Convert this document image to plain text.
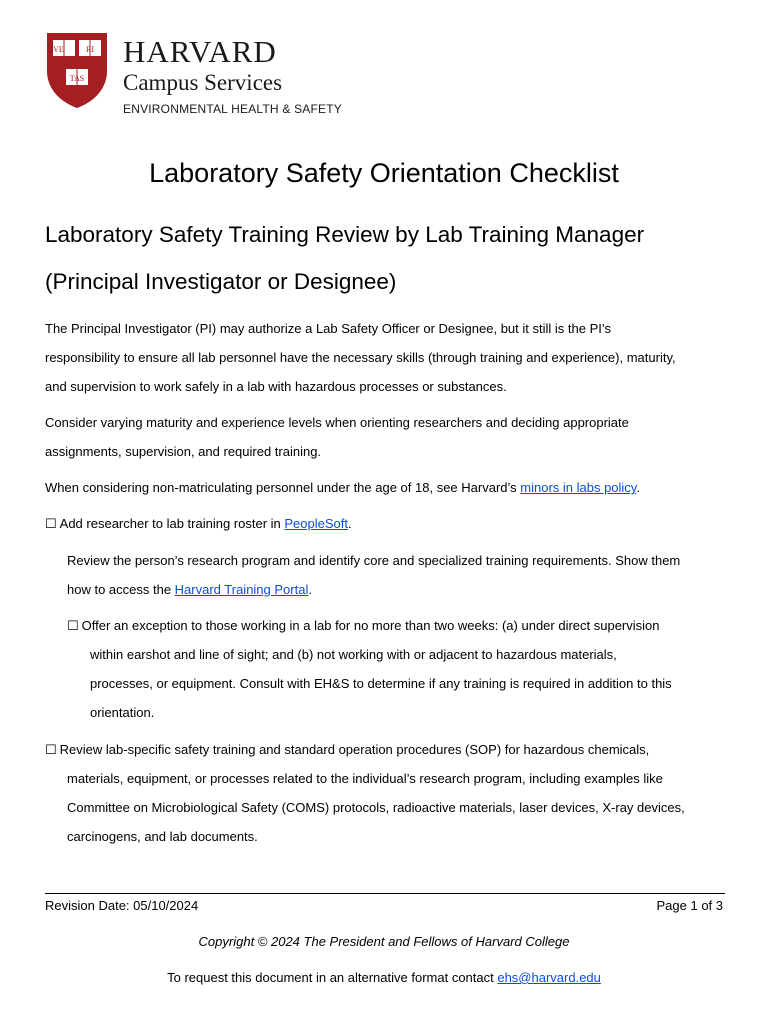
VE	RI
TAS
HARVARD
Campus Services
ENVIRONMENTAL HEALTH & SAFETY
Laboratory Safety Orientation Checklist
Laboratory Safety Training Review by Lab Training Manager
(Principal Investigator or Designee)
The Principal Investigator (PI) may authorize a Lab Safety Officer or Designee, but it still is the PI’s
responsibility to ensure all lab personnel have the necessary skills (through training and experience), maturity,
and supervision to work safely in a lab with hazardous processes or substances.
Consider varying maturity and experience levels when orienting researchers and deciding appropriate
assignments, supervision, and required training.
When considering non-matriculating personnel under the age of 18, see Harvard’s minors in labs policy.
☐ Add researcher to lab training roster in PeopleSoft.
Review the person’s research program and identify core and specialized training requirements. Show them
how to access the Harvard Training Portal.
☐ Offer an exception to those working in a lab for no more than two weeks: (a) under direct supervision
within earshot and line of sight; and (b) not working with or adjacent to hazardous materials,
processes, or equipment. Consult with EH&S to determine if any training is required in addition to this
orientation.
☐ Review lab-specific safety training and standard operation procedures (SOP) for hazardous chemicals,
materials, equipment, or processes related to the individual’s research program, including examples like
Committee on Microbiological Safety (COMS) protocols, radioactive materials, laser devices, X-ray devices,
carcinogens, and lab documents.
Revision Date: 05/10/2024	Page 1 of 3
Copyright © 2024 The President and Fellows of Harvard College
To request this document in an alternative format contact ehs@harvard.edu
